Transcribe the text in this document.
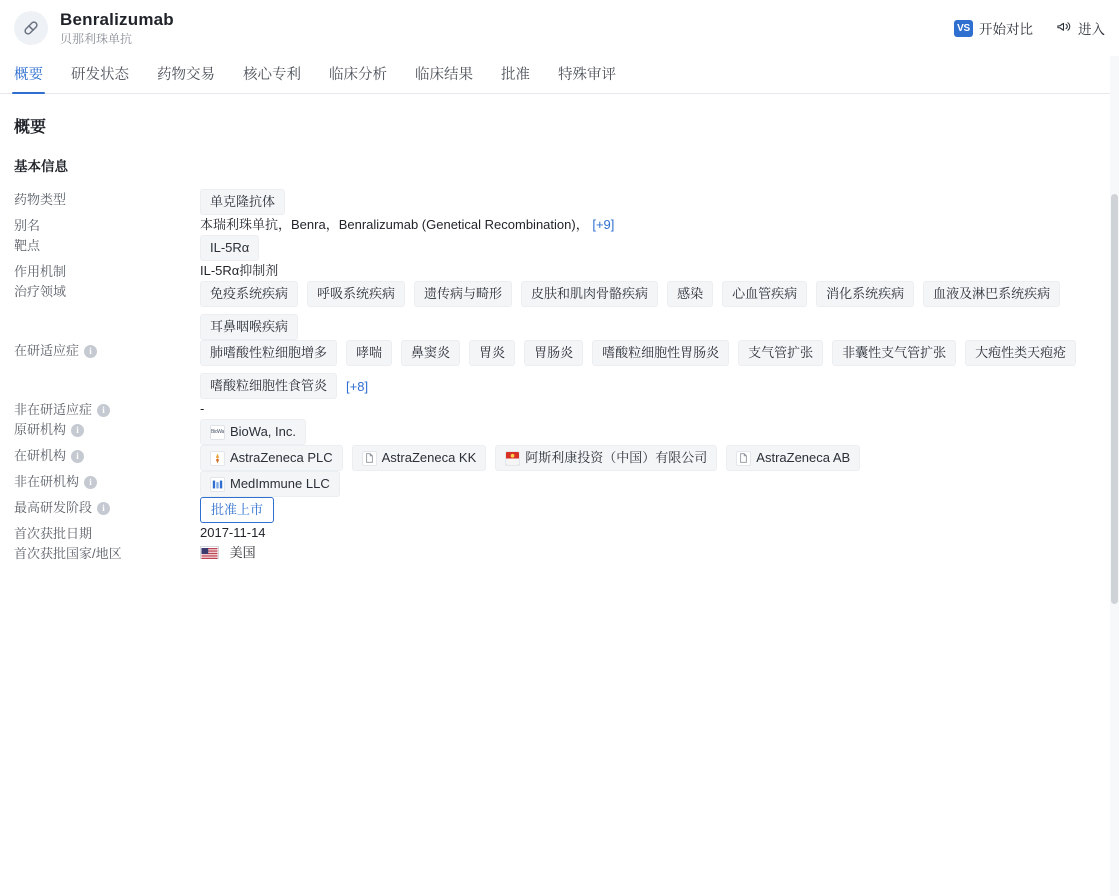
Benralizumab
贝那利珠单抗
VS 开始对比	进入
概要 研发状态 药物交易 核心专利 临床分析 临床结果 批准 特殊审评
概要
基本信息
药物类型	单克隆抗体

别名	本瑞利珠单抗，Benra，Benralizumab (Genetical Recombination)， [+9]
靶点	IL-5Rα

作用机制	IL-5Rα抑制剂
治疗领域	免疫系统疾病	呼吸系统疾病	遗传病与畸形	皮肤和肌肉骨骼疾病	感染	心血管疾病	消化系统疾病	血液及淋巴系统疾病
耳鼻咽喉疾病

在研适应症 i	肺嗜酸性粒细胞增多	哮喘	鼻窦炎	胃炎	胃肠炎	嗜酸粒细胞性胃肠炎	支气管扩张	非囊性支气管扩张	大疱性类天疱疮
嗜酸粒细胞性食管炎	[+8]

非在研适应症 i	-
原研机构 i	BioWa BioWa, Inc.

在研机构 i	AstraZeneca PLC AstraZeneca KK 阿斯利康投资（中国）有限公司 AstraZeneca AB

非在研机构 i	MedImmune LLC

最高研发阶段 i	批准上市
首次获批日期	2017-11-14
首次获批国家/地区	美国
